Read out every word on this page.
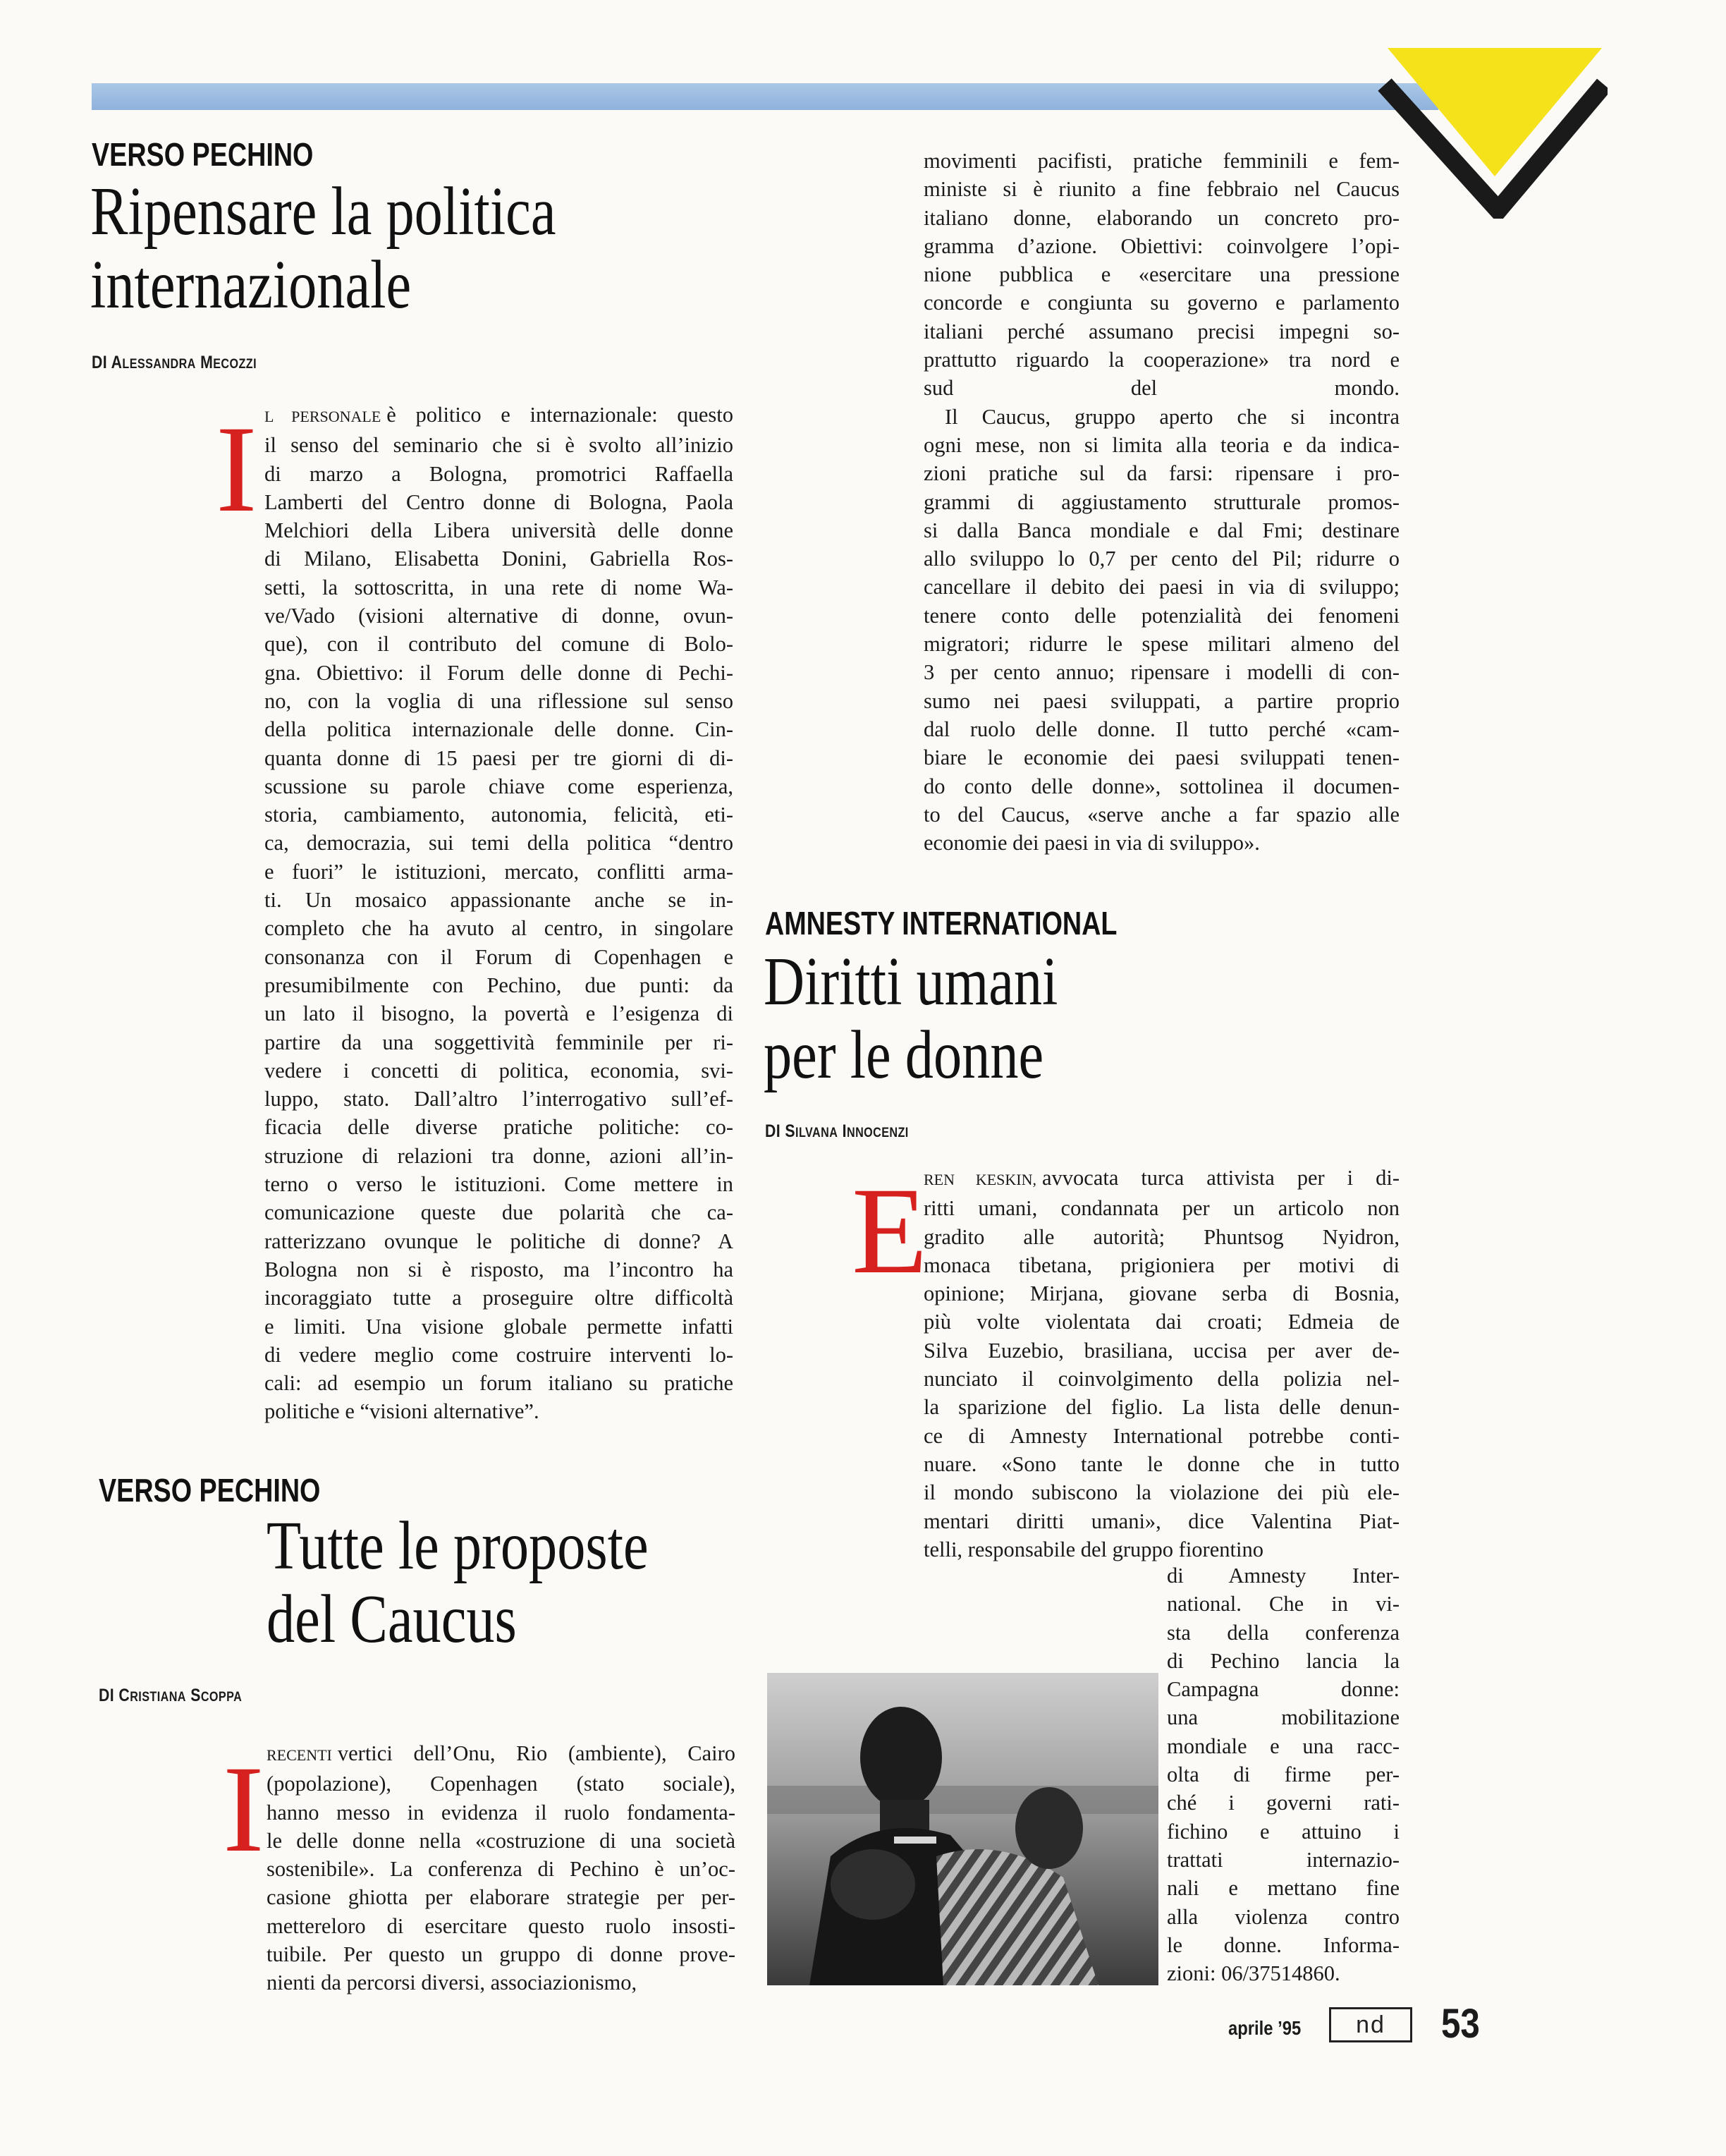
VERSO PECHINO
Ripensare la politica
internazionale
DI ALESSANDRA MECOZZI
I L PERSONALE è politico e internazionale: questo
il senso del seminario che si è svolto all’inizio
di marzo a Bologna, promotrici Raffaella
Lamberti del Centro donne di Bologna, Paola
Melchiori della Libera università delle donne
di Milano, Elisabetta Donini, Gabriella Ros-
setti, la sottoscritta, in una rete di nome Wa-
ve/Vado (visioni alternative di donne, ovun-
que), con il contributo del comune di Bolo-
gna. Obiettivo: il Forum delle donne di Pechi-
no, con la voglia di una riflessione sul senso
della politica internazionale delle donne. Cin-
quanta donne di 15 paesi per tre giorni di di-
scussione su parole chiave come esperienza,
storia, cambiamento, autonomia, felicità, eti-
ca, democrazia, sui temi della politica “dentro
e fuori” le istituzioni, mercato, conflitti arma-
ti. Un mosaico appassionante anche se in-
completo che ha avuto al centro, in singolare
consonanza con il Forum di Copenhagen e
presumibilmente con Pechino, due punti: da
un lato il bisogno, la povertà e l’esigenza di
partire da una soggettività femminile per ri-
vedere i concetti di politica, economia, svi-
luppo, stato. Dall’altro l’interrogativo sull’ef-
ficacia delle diverse pratiche politiche: co-
struzione di relazioni tra donne, azioni all’in-
terno o verso le istituzioni. Come mettere in
comunicazione queste due polarità che ca-
ratterizzano ovunque le politiche di donne? A
Bologna non si è risposto, ma l’incontro ha
incoraggiato tutte a proseguire oltre difficoltà
e limiti. Una visione globale permette infatti
di vedere meglio come costruire interventi lo-
cali: ad esempio un forum italiano su pratiche
politiche e “visioni alternative”.
VERSO PECHINO
Tutte le proposte
del Caucus
DI CRISTIANA SCOPPA
I RECENTI vertici dell’Onu, Rio (ambiente), Cairo
(popolazione), Copenhagen (stato sociale),
hanno messo in evidenza il ruolo fondamenta-
le delle donne nella «costruzione di una società
sostenibile». La conferenza di Pechino è un’oc-
casione ghiotta per elaborare strategie per per-
mettereloro di esercitare questo ruolo insosti-
tuibile. Per questo un gruppo di donne prove-
nienti da percorsi diversi, associazionismo,
movimenti pacifisti, pratiche femminili e fem-
ministe si è riunito a fine febbraio nel Caucus
italiano donne, elaborando un concreto pro-
gramma d’azione. Obiettivi: coinvolgere l’opi-
nione pubblica e «esercitare una pressione
concorde e congiunta su governo e parlamento
italiani perché assumano precisi impegni so-
prattutto riguardo la cooperazione» tra nord e
sud del mondo.
Il Caucus, gruppo aperto che si incontra
ogni mese, non si limita alla teoria e da indica-
zioni pratiche sul da farsi: ripensare i pro-
grammi di aggiustamento strutturale promos-
si dalla Banca mondiale e dal Fmi; destinare
allo sviluppo lo 0,7 per cento del Pil; ridurre o
cancellare il debito dei paesi in via di sviluppo;
tenere conto delle potenzialità dei fenomeni
migratori; ridurre le spese militari almeno del
3 per cento annuo; ripensare i modelli di con-
sumo nei paesi sviluppati, a partire proprio
dal ruolo delle donne. Il tutto perché «cam-
biare le economie dei paesi sviluppati tenen-
do conto delle donne», sottolinea il documen-
to del Caucus, «serve anche a far spazio alle
economie dei paesi in via di sviluppo».
AMNESTY INTERNATIONAL
Diritti umani
per le donne
DI SILVANA INNOCENZI
E
REN KESKIN, avvocata turca attivista per i di-
ritti umani, condannata per un articolo non
gradito alle autorità; Phuntsog Nyidron,
monaca tibetana, prigioniera per motivi di
opinione; Mirjana, giovane serba di Bosnia,
più volte violentata dai croati; Edmeia de
Silva Euzebio, brasiliana, uccisa per aver de-
nunciato il coinvolgimento della polizia nel-
la sparizione del figlio. La lista delle denun-
ce di Amnesty International potrebbe conti-
nuare. «Sono tante le donne che in tutto
il mondo subiscono la violazione dei più ele-
mentari diritti umani», dice Valentina Piat-
telli, responsabile del gruppo fiorentino
di Amnesty Inter-
national. Che in vi-
sta della conferenza
di Pechino lancia la
Campagna donne:
una mobilitazione
mondiale e una racc-
olta di firme per-
ché i governi rati-
fichino e attuino i
trattati internazio-
nali e mettano fine
alla violenza contro
le donne. Informa-
zioni: 06/37514860.
aprile ’95	nd	53
